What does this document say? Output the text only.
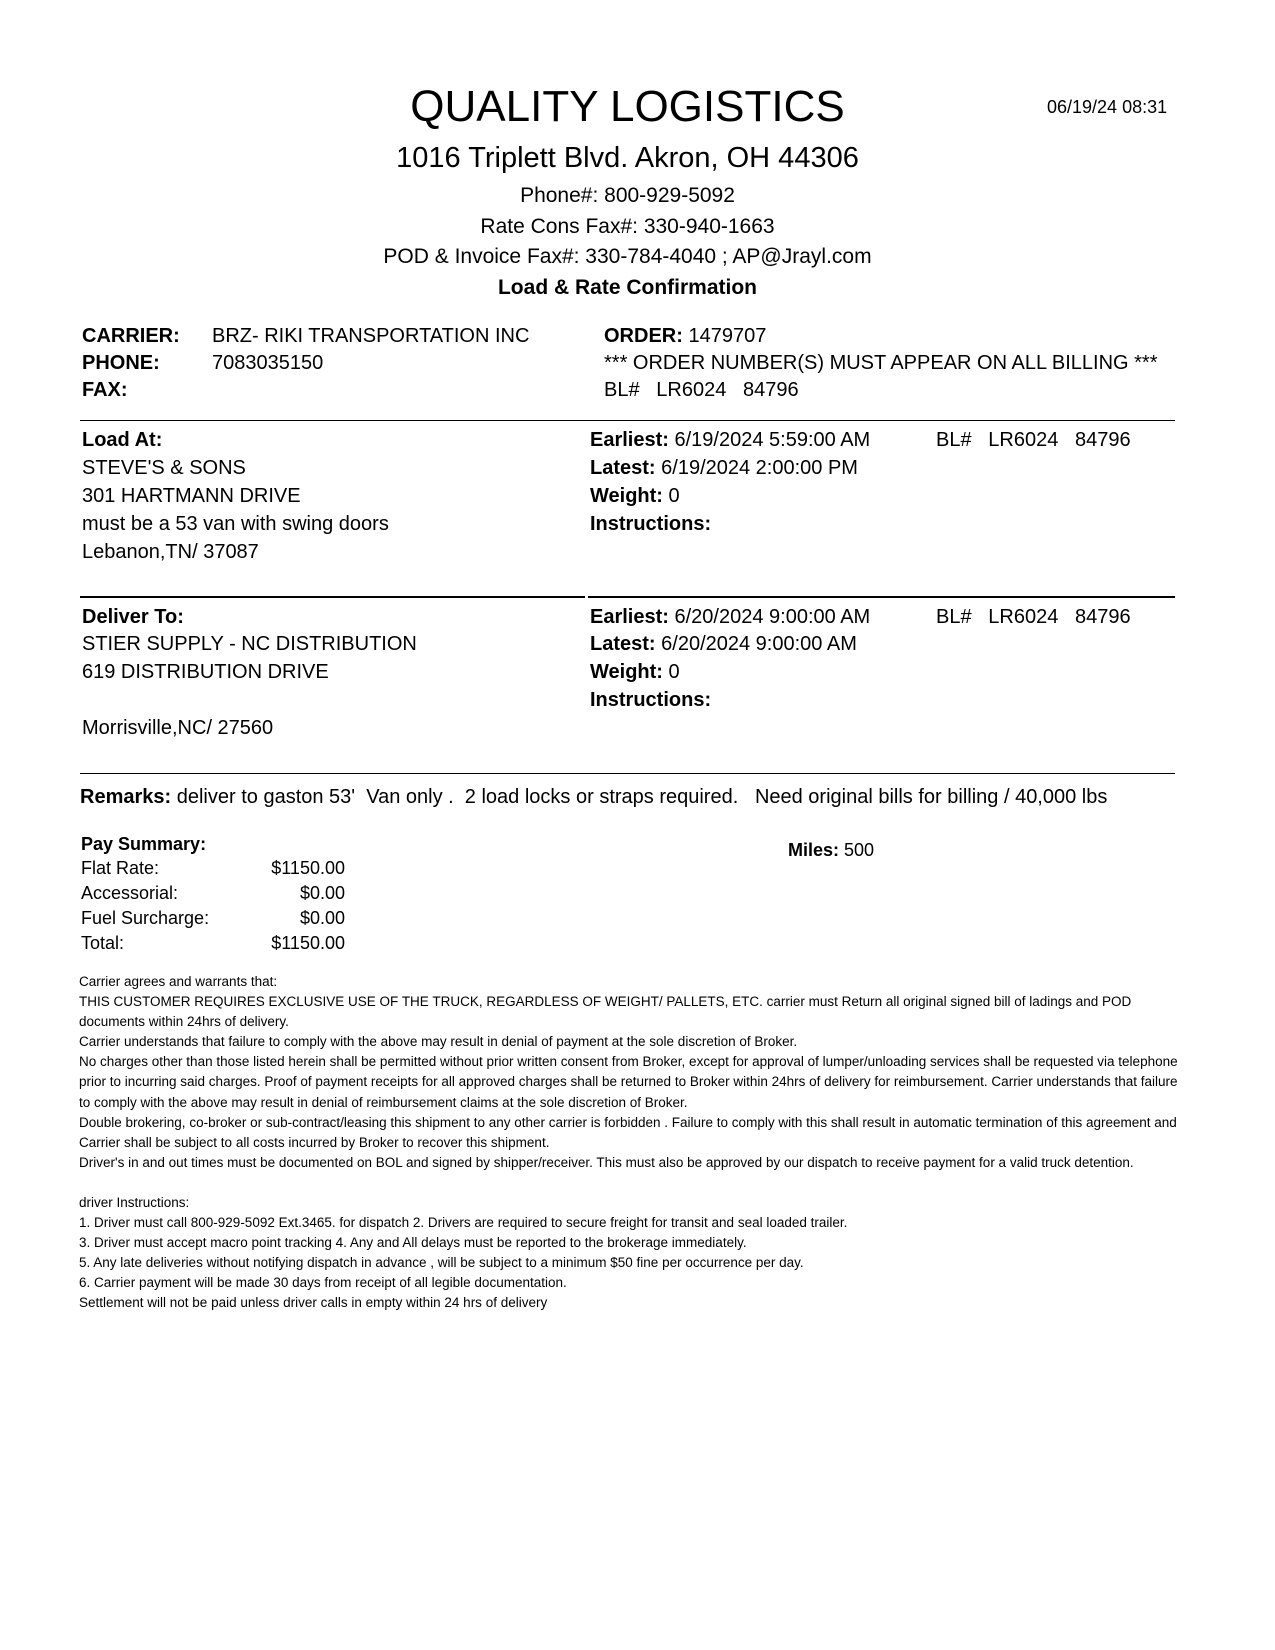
QUALITY LOGISTICS	06/19/24 08:31
1016 Triplett Blvd. Akron, OH 44306
Phone#: 800-929-5092
Rate Cons Fax#: 330-940-1663
POD & Invoice Fax#: 330-784-4040 ; AP@Jrayl.com
Load & Rate Confirmation
CARRIER: BRZ- RIKI TRANSPORTATION INC
PHONE:	7083035150
FAX:
ORDER: 1479707
*** ORDER NUMBER(S) MUST APPEAR ON ALL BILLING ***
BL# LR6024   84796
Load At:
STEVE'S & SONS
301 HARTMANN DRIVE
must be a 53 van with swing doors
Lebanon,TN/ 37087
Earliest: 6/19/2024 5:59:00 AM	BL# LR6024   84796
Latest: 6/19/2024 2:00:00 PM
Weight: 0
Instructions:
Deliver To:
STIER SUPPLY - NC DISTRIBUTION
619 DISTRIBUTION DRIVE
Morrisville,NC/ 27560
Earliest: 6/20/2024 9:00:00 AM	BL# LR6024   84796
Latest: 6/20/2024 9:00:00 AM
Weight: 0
Instructions:
Remarks: deliver to gaston 53'  Van only .  2 load locks or straps required.   Need original bills for billing / 40,000 lbs
Pay Summary:
Flat Rate:	$1150.00
Accessorial:	$0.00
Fuel Surcharge:	$0.00
Total:	$1150.00
Miles: 500

Carrier agrees and warrants that:

THIS CUSTOMER REQUIRES EXCLUSIVE USE OF THE TRUCK, REGARDLESS OF WEIGHT/ PALLETS, ETC. carrier must Return all original signed bill of ladings and POD documents within 24hrs of delivery.

Carrier understands that failure to comply with the above may result in denial of payment at the sole discretion of Broker.

No charges other than those listed herein shall be permitted without prior written consent from Broker, except for approval of lumper/unloading services shall be requested via telephone prior to incurring said charges. Proof of payment receipts for all approved charges shall be returned to Broker within 24hrs of delivery for reimbursement. Carrier understands that failure to comply with the above may result in denial of reimbursement claims at the sole discretion of Broker.

Double brokering, co-broker or sub-contract/leasing this shipment to any other carrier is forbidden . Failure to comply with this shall result in automatic termination of this agreement and Carrier shall be subject to all costs incurred by Broker to recover this shipment.

Driver's in and out times must be documented on BOL and signed by shipper/receiver. This must also be approved by our dispatch to receive payment for a valid truck detention.

driver Instructions:

1. Driver must call 800-929-5092 Ext.3465. for dispatch 2. Drivers are required to secure freight for transit and seal loaded trailer.

3. Driver must accept macro point tracking 4. Any and All delays must be reported to the brokerage immediately.

5. Any late deliveries without notifying dispatch in advance , will be subject to a minimum $50 fine per occurrence per day.

6. Carrier payment will be made 30 days from receipt of all legible documentation.

Settlement will not be paid unless driver calls in empty within 24 hrs of delivery
